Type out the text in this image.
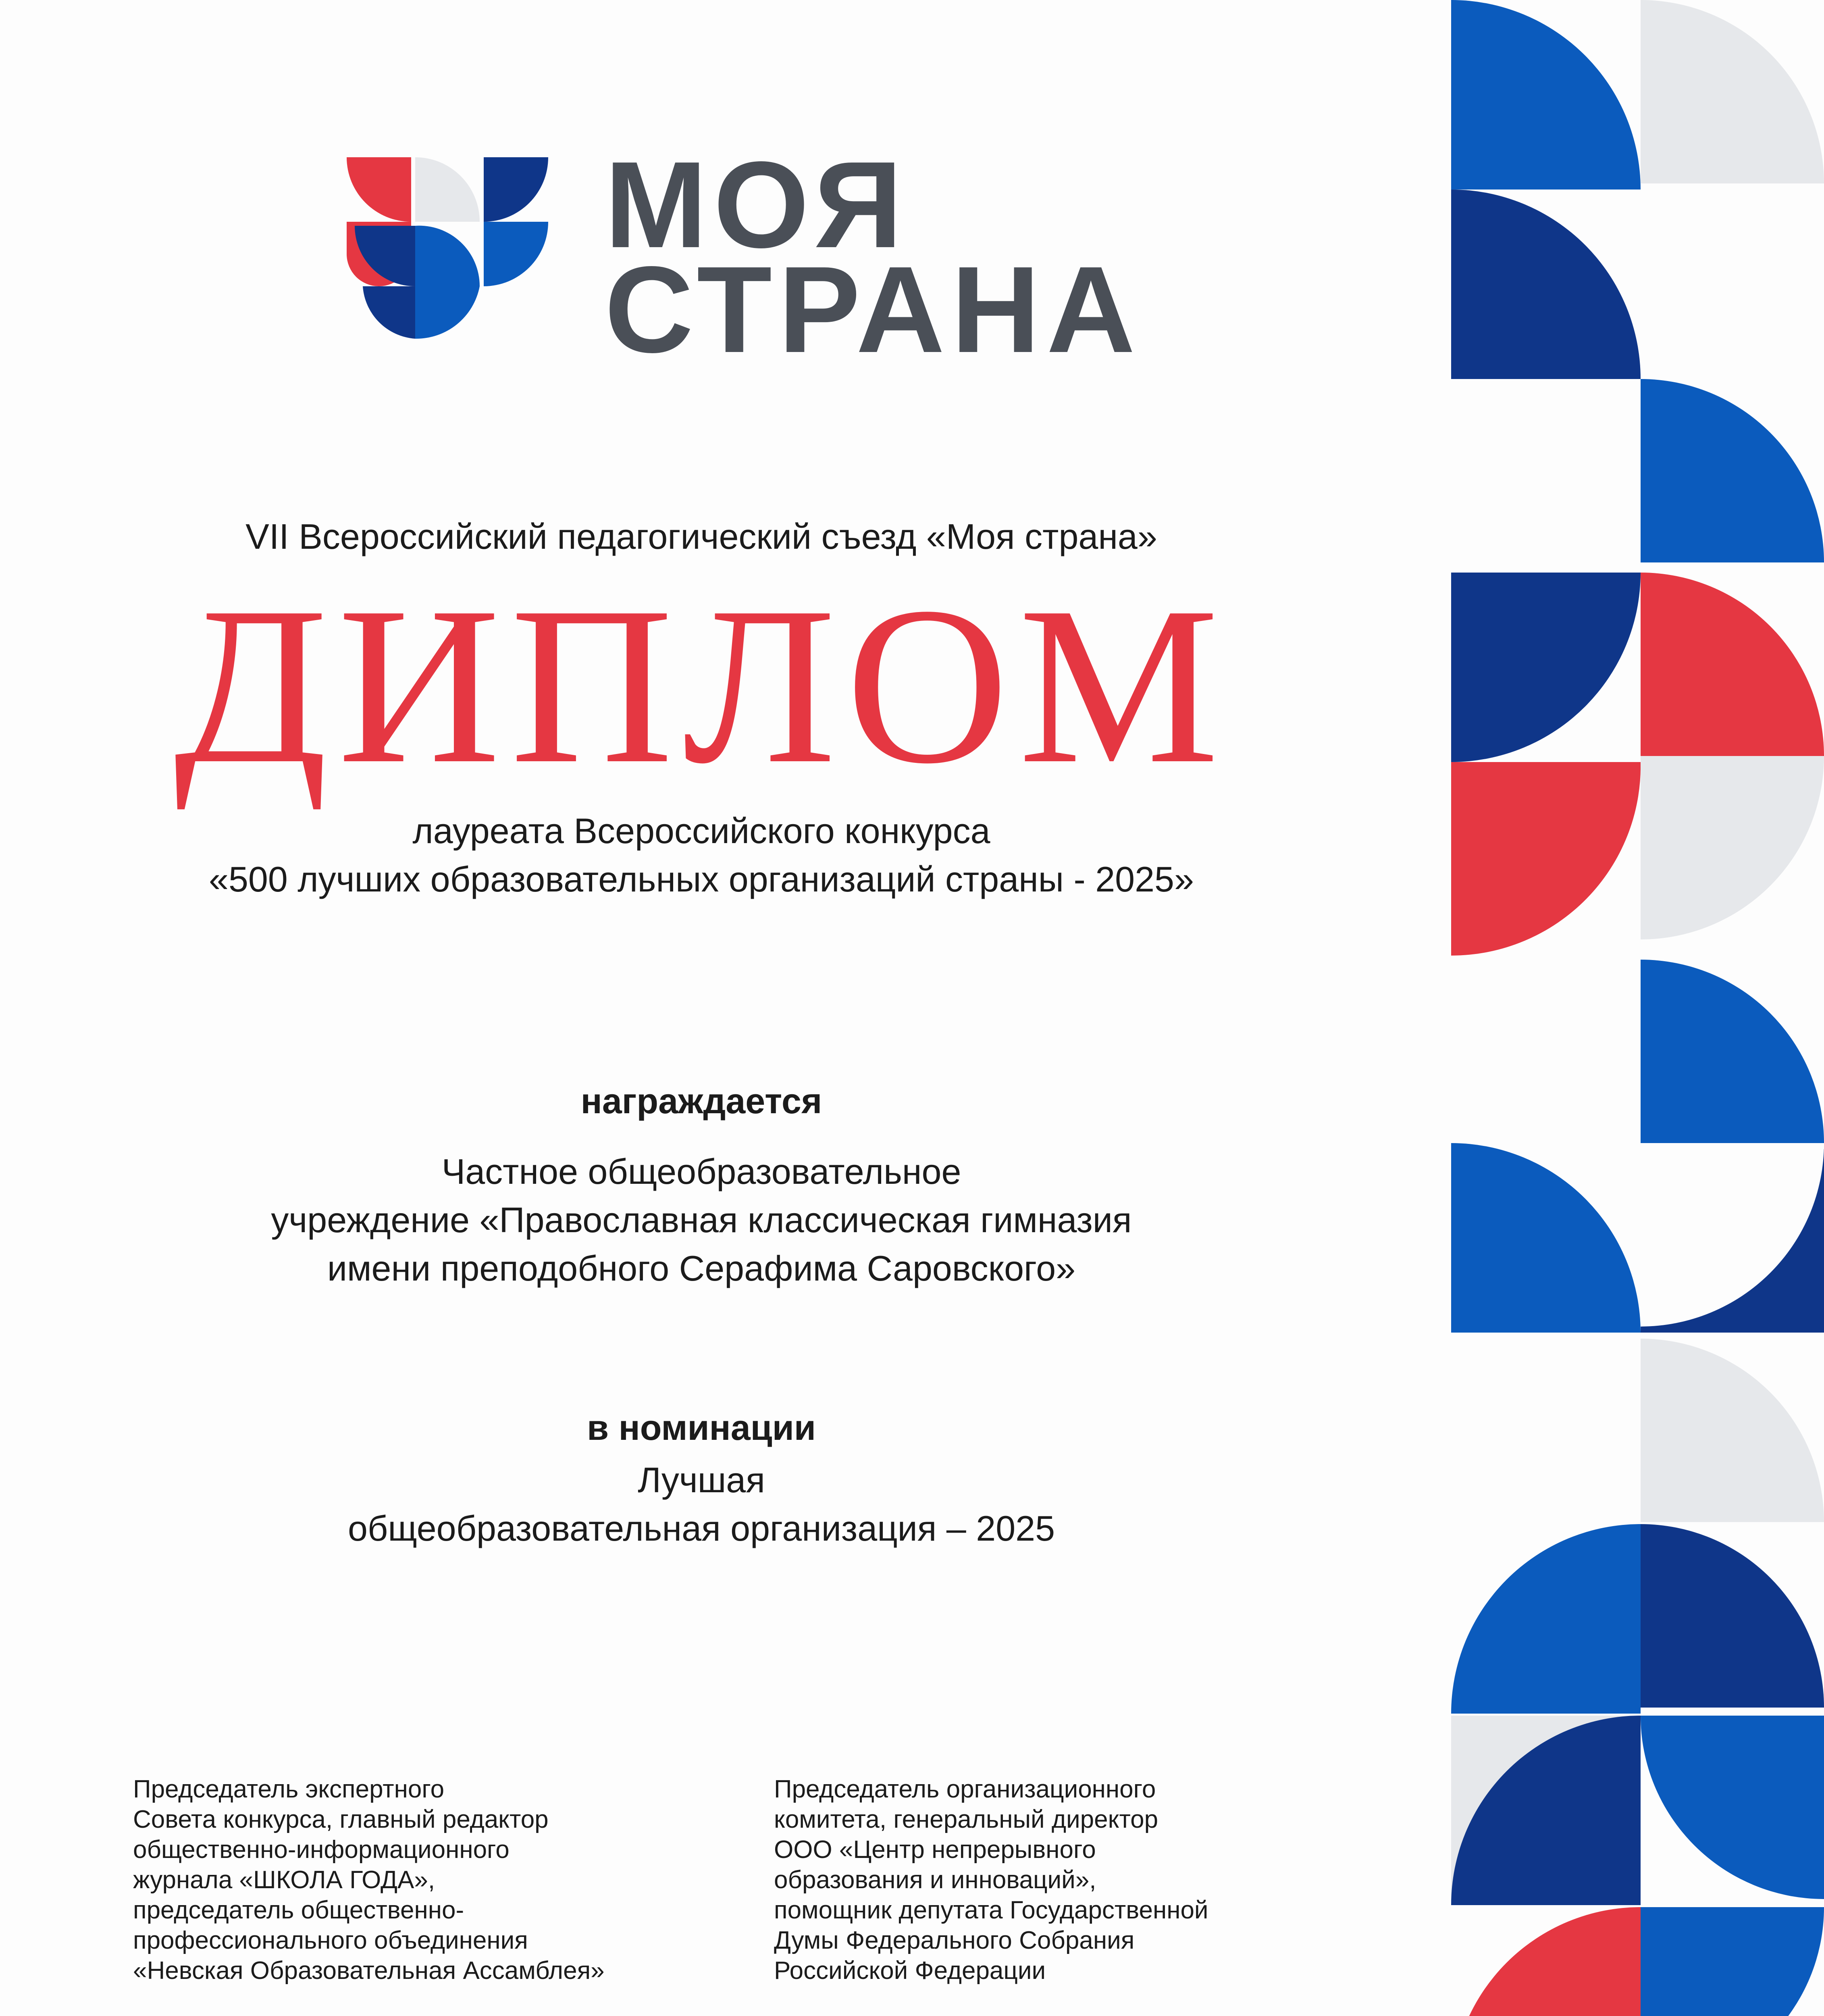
МОЯ
СТРАНА
VII Всероссийский педагогический съезд «Моя страна»
ДИПЛОМ
лауреата Всероссийского конкурса
«500 лучших образовательных организаций страны - 2025»
награждается
Частное общеобразовательное
учреждение «Православная классическая гимназия
имени преподобного Серафима Саровского»
в номинации
Лучшая
общеобразовательная организация – 2025
Председатель экспертного
Совета конкурса, главный редактор
общественно-информационного
журнала «ШКОЛА ГОДА»,
председатель общественно-
профессионального объединения
«Невская Образовательная Ассамблея»
Председатель организационного
комитета, генеральный директор
ООО «Центр непрерывного
образования и инноваций»,
помощник депутата Государственной
Думы Федерального Собрания
Российской Федерации
